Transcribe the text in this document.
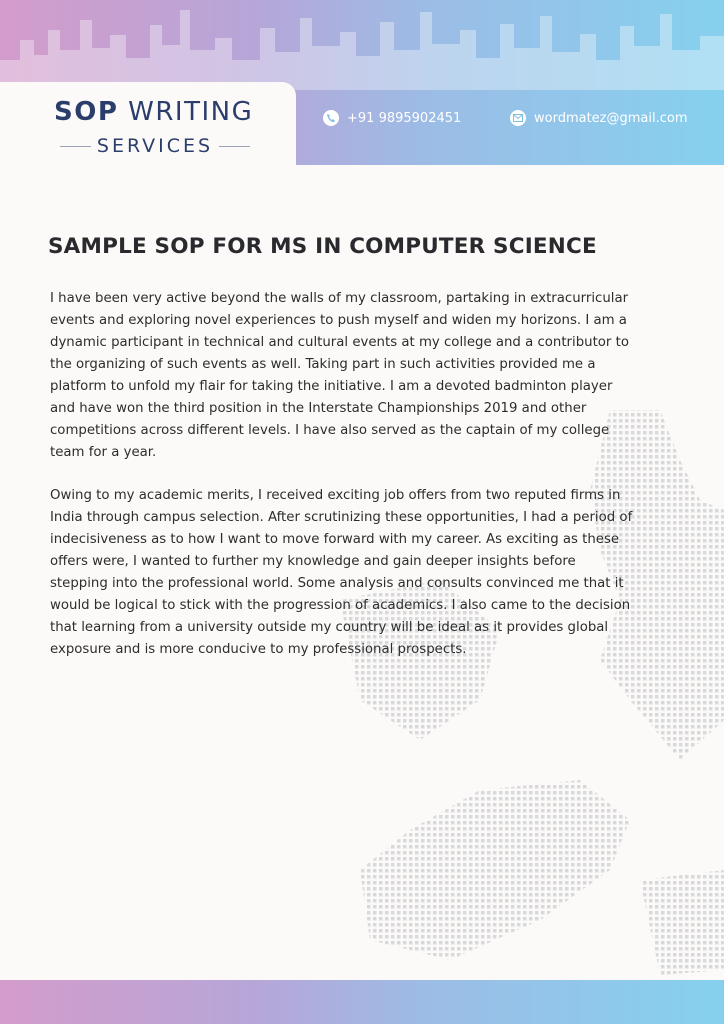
SOP WRITING
SERVICES
+91 9895902451	wordmatez@gmail.com
SAMPLE SOP FOR MS IN COMPUTER SCIENCE

I have been very active beyond the walls of my classroom, partaking in extracurricular events and exploring novel experiences to push myself and widen my horizons. I am a dynamic participant in technical and cultural events at my college and a contributor to the organizing of such events as well. Taking part in such activities provided me a platform to unfold my flair for taking the initiative. I am a devoted badminton player and have won the third position in the Interstate Championships 2019 and other competitions across different levels. I have also served as the captain of my college team for a year.

Owing to my academic merits, I received exciting job offers from two reputed firms in India through campus selection. After scrutinizing these opportunities, I had a period of indecisiveness as to how I want to move forward with my career. As exciting as these offers were, I wanted to further my knowledge and gain deeper insights before stepping into the professional world. Some analysis and consults convinced me that it would be logical to stick with the progression of academics. I also came to the decision that learning from a university outside my country will be ideal as it provides global exposure and is more conducive to my professional prospects.
